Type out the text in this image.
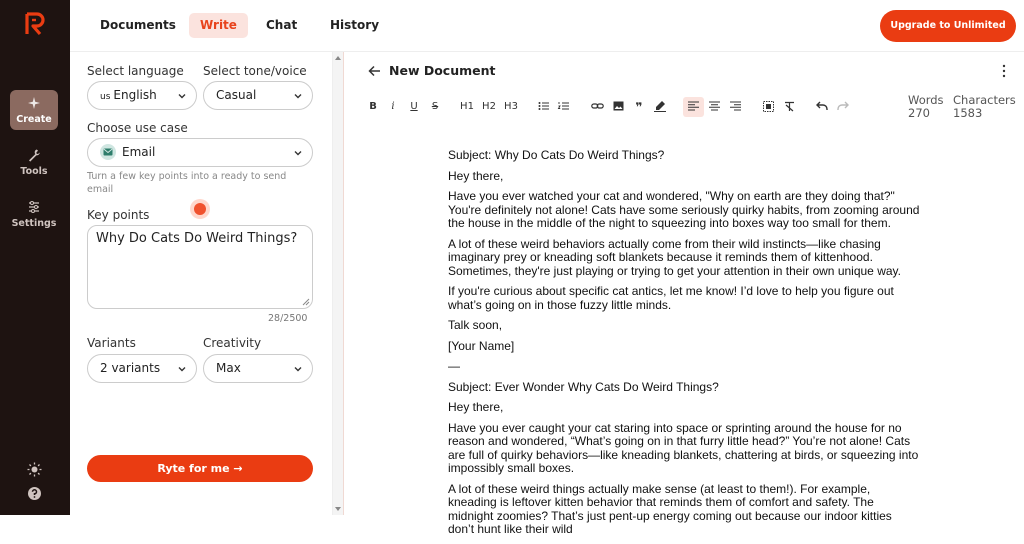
Create
Tools
Settings
Documents	Write	Chat	History	Upgrade to Unlimited
Select language Select tone/voice
us English	Casual
Choose use case
Email
Turn a few key points into a ready to send email
Key points
Why Do Cats Do Weird Things?
28/2500
Variants	Creativity
2 variants	Max
Ryte for me →
New Document
B	i	U	S	H1 H2 H3	❞	Words
270
Characters
1583

Subject: Why Do Cats Do Weird Things?

Hey there,

Have you ever watched your cat and wondered, "Why on earth are they doing that?" You're definitely not alone! Cats have some seriously quirky habits, from zooming around the house in the middle of the night to squeezing into boxes way too small for them.

A lot of these weird behaviors actually come from their wild instincts—like chasing imaginary prey or kneading soft blankets because it reminds them of kittenhood. Sometimes, they're just playing or trying to get your attention in their own unique way.

If you're curious about specific cat antics, let me know! I’d love to help you figure out what’s going on in those fuzzy little minds.

Talk soon,

[Your Name]

—

Subject: Ever Wonder Why Cats Do Weird Things?

Hey there,

Have you ever caught your cat staring into space or sprinting around the house for no reason and wondered, “What’s going on in that furry little head?” You’re not alone! Cats are full of quirky behaviors—like kneading blankets, chattering at birds, or squeezing into impossibly small boxes.

A lot of these weird things actually make sense (at least to them!). For example, kneading is leftover kitten behavior that reminds them of comfort and safety. The midnight zoomies? That’s just pent-up energy coming out because our indoor kitties don’t hunt like their wild
